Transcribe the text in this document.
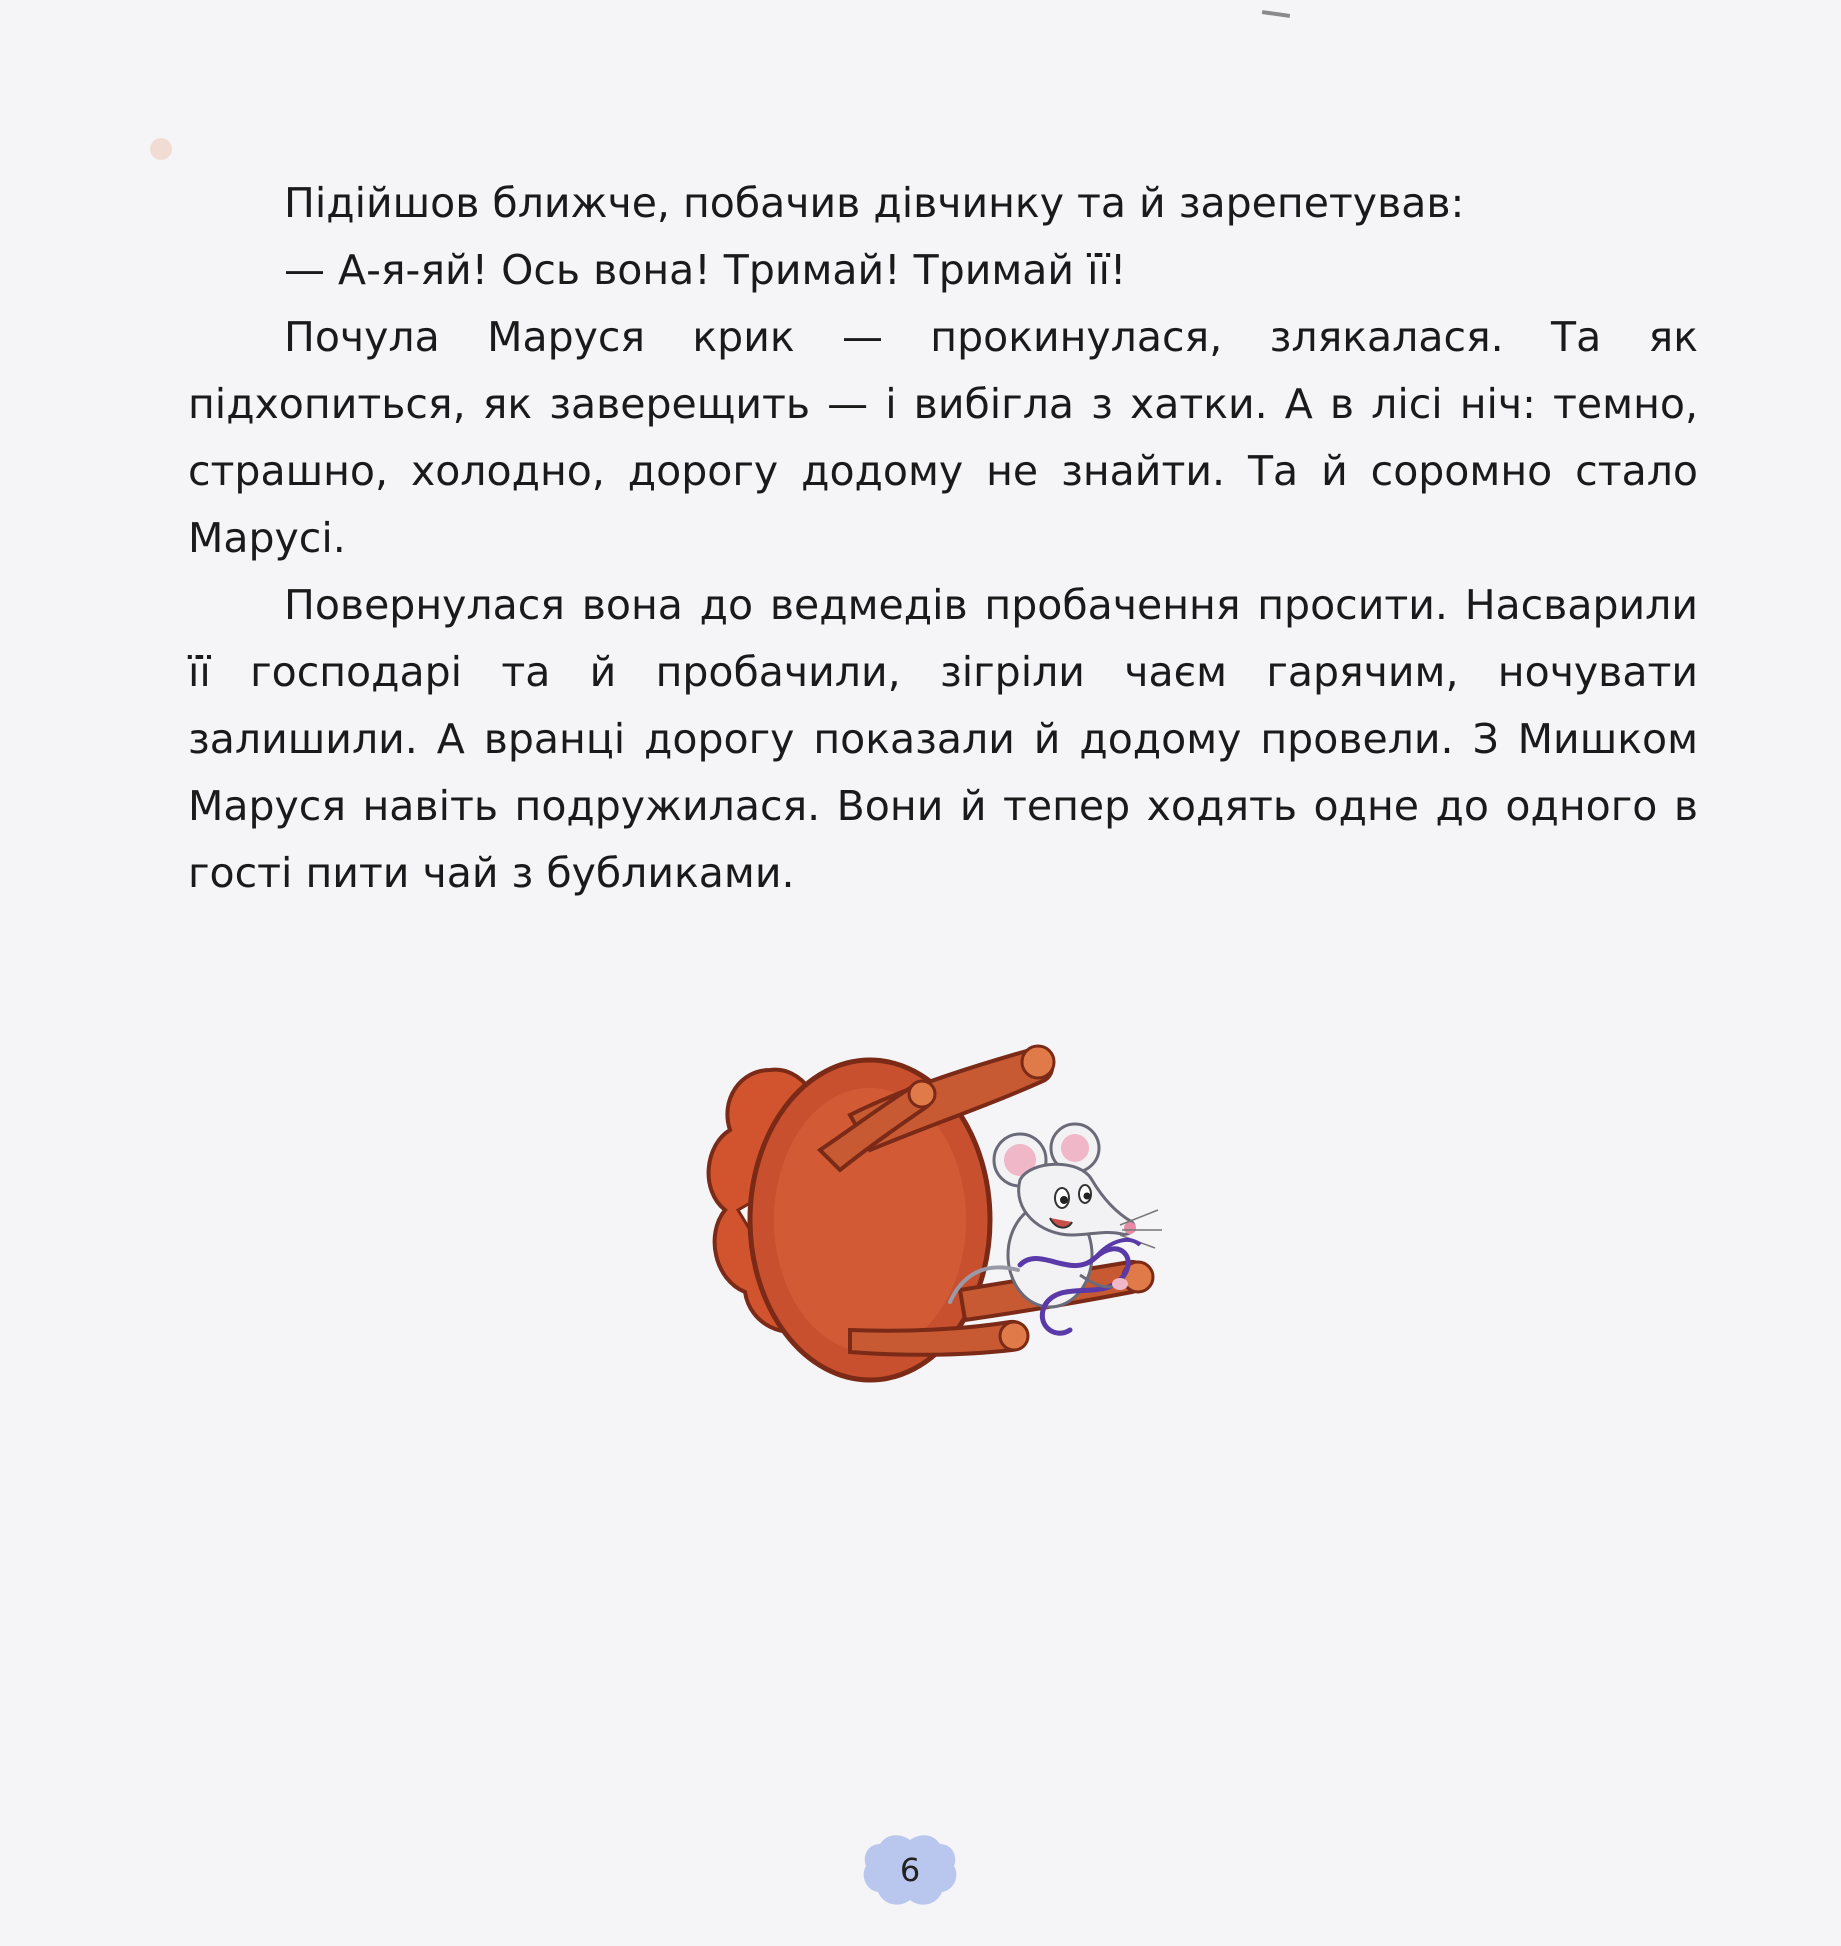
Підійшов ближче, побачив дівчинку та й зарепетував:

— А-я-яй! Ось вона! Тримай! Тримай її!

Почула Маруся крик — прокинулася, злякалася. Та як підхопиться, як заверещить — і вибігла з хатки. А в лісі ніч: темно, страшно, холодно, дорогу додому не знайти. Та й соромно стало Марусі.

Повернулася вона до ведмедів пробачення просити. Насварили її господарі та й пробачили, зігріли чаєм гарячим, ночувати залишили. А вранці дорогу показали й додому провели. З Мишком Маруся навіть подружилася. Вони й тепер ходять одне до одного в гості пити чай з бубликами.

6
